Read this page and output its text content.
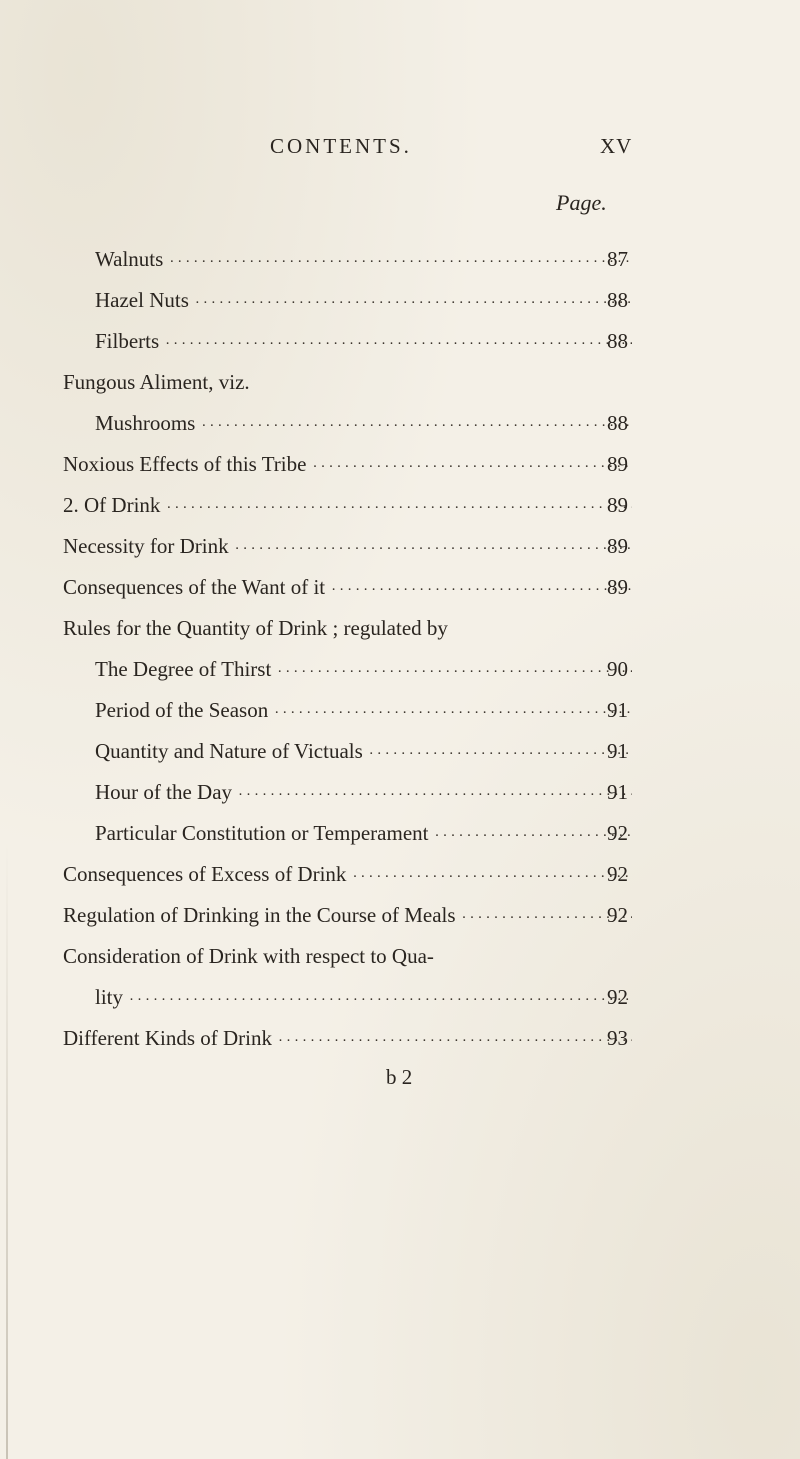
CONTENTS.	XV
Page.
Walnuts ·····	87
Hazel Nuts ·····	88
Filberts ·····	88
Fungous Aliment, viz.
Mushrooms ·····	88
Noxious Effects of this Tribe ·····	89
2. Of Drink ·····	89
Necessity for Drink ·····	89
Consequences of the Want of it ·····	89
Rules for the Quantity of Drink ; regulated by
The Degree of Thirst ·····	90
Period of the Season ·····	91
Quantity and Nature of Victuals ·····	91
Hour of the Day ·····	91
Particular Constitution or Temperament ·····	92
Consequences of Excess of Drink ·····	92
Regulation of Drinking in the Course of Meals ·····	92
Consideration of Drink with respect to Qua-
lity ·····	92
Different Kinds of Drink ·····	93
b 2
